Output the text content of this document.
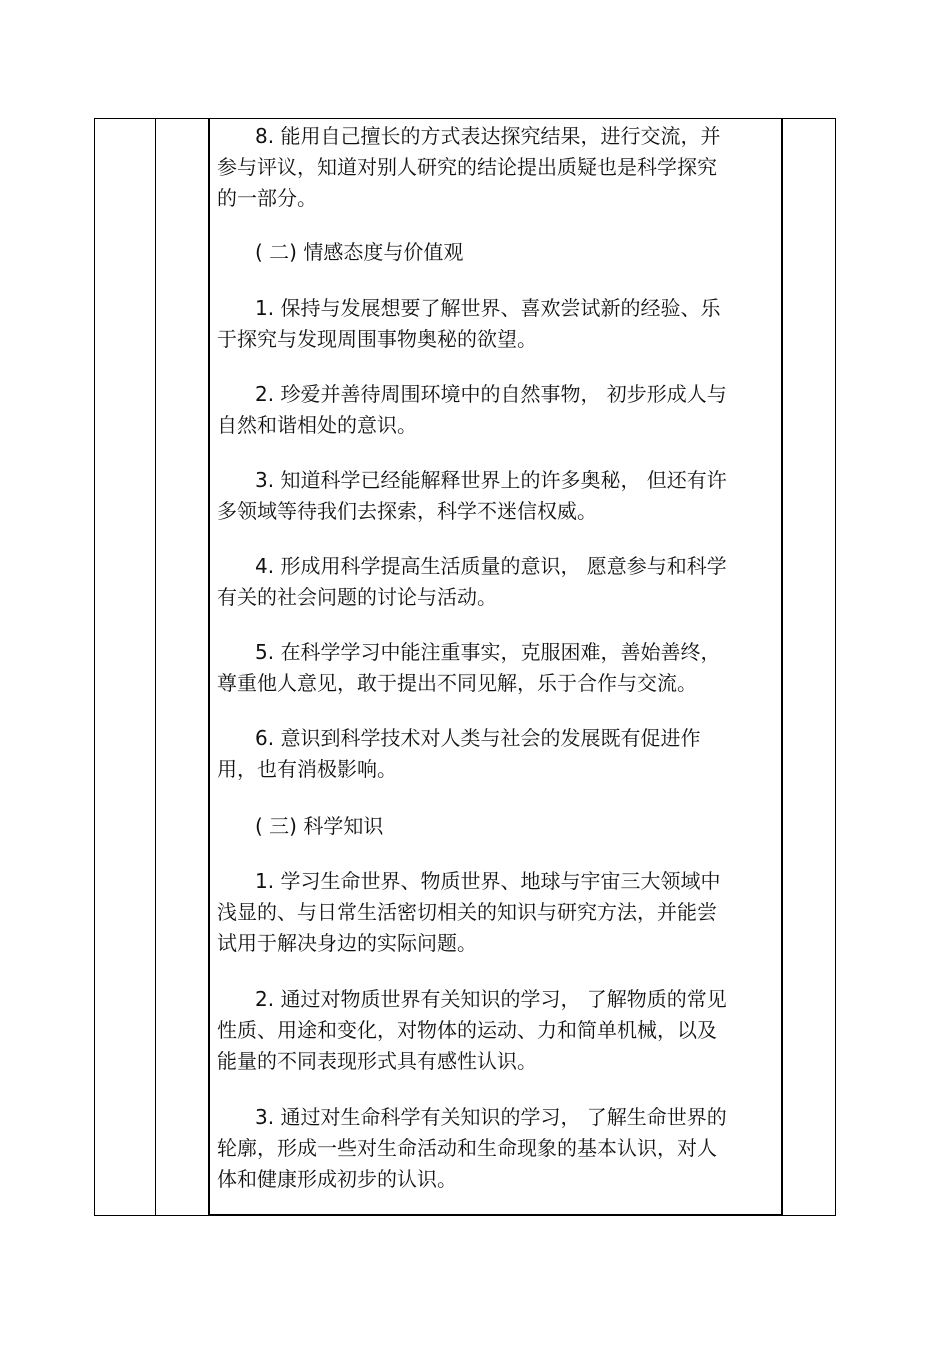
8. 能用自己擅长的方式表达探究结果，进行交流，并
参与评议，知道对别人研究的结论提出质疑也是科学探究
的一部分。
( 二) 情感态度与价值观
1. 保持与发展想要了解世界、喜欢尝试新的经验、乐
于探究与发现周围事物奥秘的欲望。
2. 珍爱并善待周围环境中的自然事物， 初步形成人与
自然和谐相处的意识。
3. 知道科学已经能解释世界上的许多奥秘， 但还有许
多领域等待我们去探索，科学不迷信权威。
4. 形成用科学提高生活质量的意识， 愿意参与和科学
有关的社会问题的讨论与活动。
5. 在科学学习中能注重事实，克服困难，善始善终，
尊重他人意见，敢于提出不同见解，乐于合作与交流。
6. 意识到科学技术对人类与社会的发展既有促进作
用，也有消极影响。
( 三) 科学知识
1. 学习生命世界、物质世界、地球与宇宙三大领域中
浅显的、与日常生活密切相关的知识与研究方法，并能尝
试用于解决身边的实际问题。
2. 通过对物质世界有关知识的学习， 了解物质的常见
性质、用途和变化，对物体的运动、力和简单机械，以及
能量的不同表现形式具有感性认识。
3. 通过对生命科学有关知识的学习， 了解生命世界的
轮廓，形成一些对生命活动和生命现象的基本认识，对人
体和健康形成初步的认识。
